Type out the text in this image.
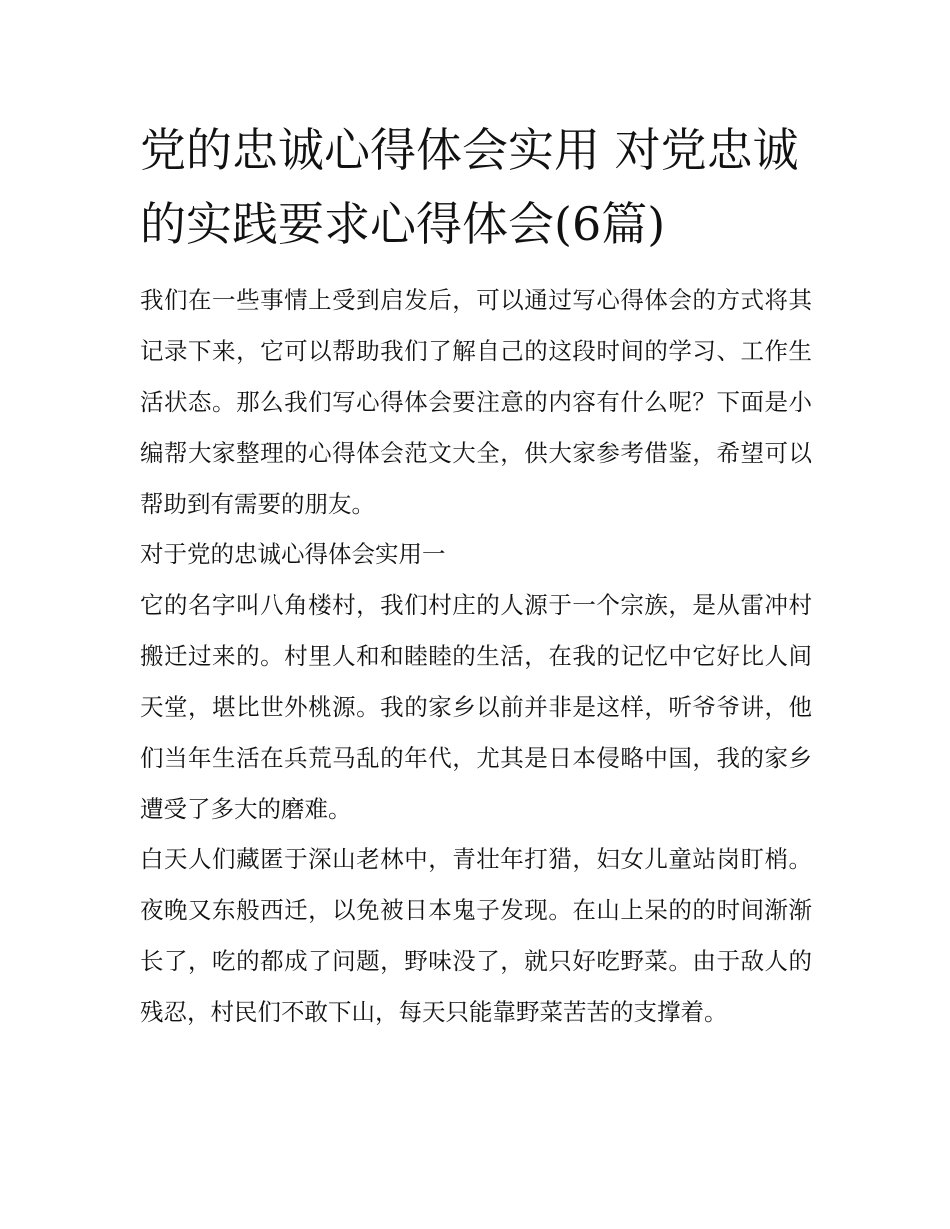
党的忠诚心得体会实用 对党忠诚的实践要求心得体会(6篇)

我们在一些事情上受到启发后，可以通过写心得体会的方式将其记录下来，它可以帮助我们了解自己的这段时间的学习、工作生活状态。那么我们写心得体会要注意的内容有什么呢？下面是小编帮大家整理的心得体会范文大全，供大家参考借鉴，希望可以帮助到有需要的朋友。

对于党的忠诚心得体会实用一

它的名字叫八角楼村，我们村庄的人源于一个宗族，是从雷冲村搬迁过来的。村里人和和睦睦的生活，在我的记忆中它好比人间天堂，堪比世外桃源。我的家乡以前并非是这样，听爷爷讲，他们当年生活在兵荒马乱的年代，尤其是日本侵略中国，我的家乡遭受了多大的磨难。

白天人们藏匿于深山老林中，青壮年打猎，妇女儿童站岗盯梢。夜晚又东般西迁，以免被日本鬼子发现。在山上呆的的时间渐渐长了，吃的都成了问题，野味没了，就只好吃野菜。由于敌人的残忍，村民们不敢下山，每天只能靠野菜苦苦的支撑着。
